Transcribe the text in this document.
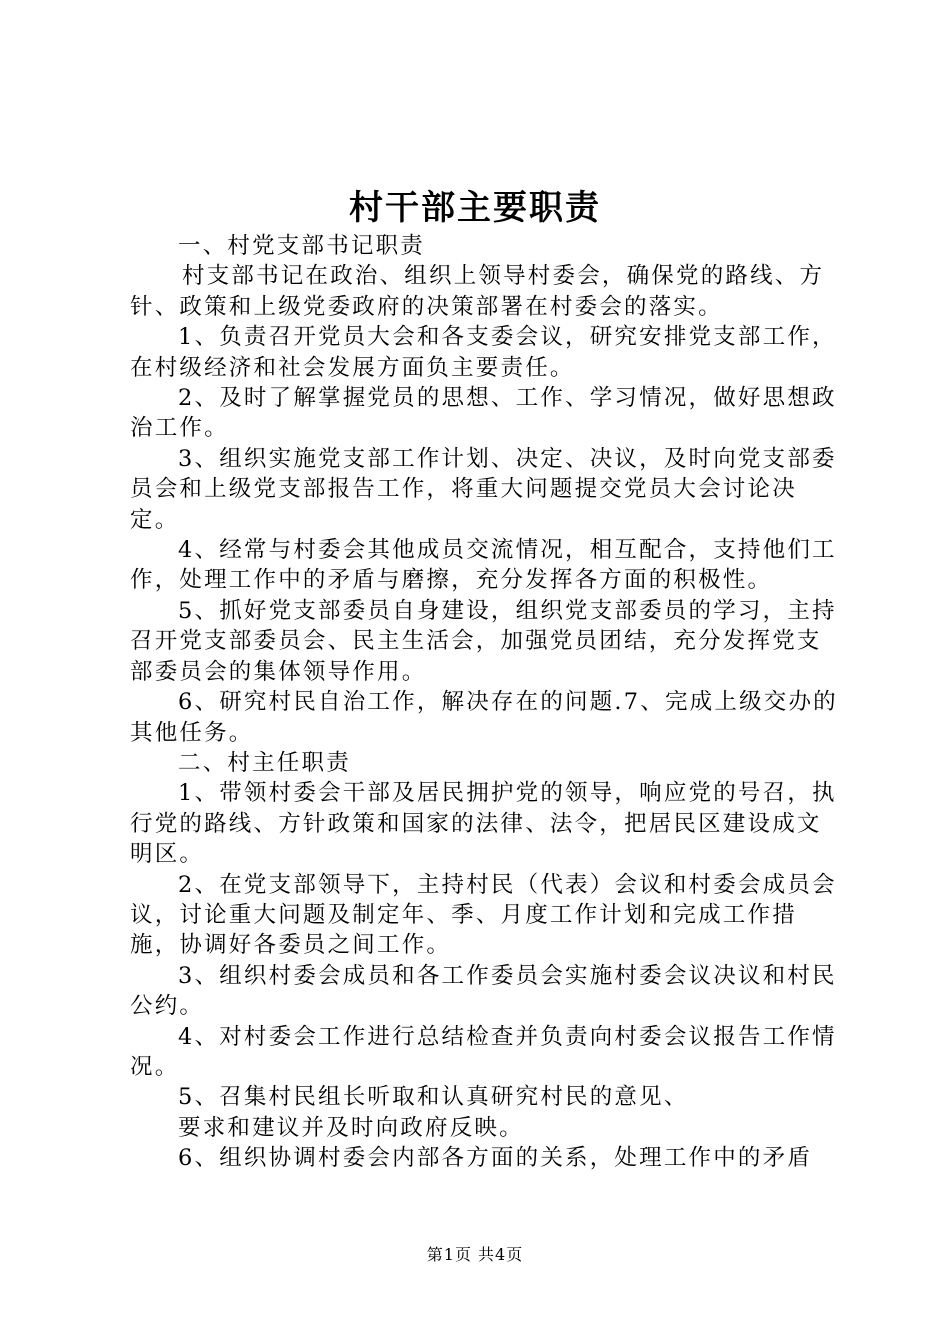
村干部主要职责

一、村党支部书记职责

村支部书记在政治、组织上领导村委会，确保党的路线、方针、政策和上级党委政府的决策部署在村委会的落实。

1、负责召开党员大会和各支委会议，研究安排党支部工作，在村级经济和社会发展方面负主要责任。

2、及时了解掌握党员的思想、工作、学习情况，做好思想政治工作。

3、组织实施党支部工作计划、决定、决议，及时向党支部委员会和上级党支部报告工作，将重大问题提交党员大会讨论决定。

4、经常与村委会其他成员交流情况，相互配合，支持他们工作，处理工作中的矛盾与磨擦，充分发挥各方面的积极性。

5、抓好党支部委员自身建设，组织党支部委员的学习，主持召开党支部委员会、民主生活会，加强党员团结，充分发挥党支部委员会的集体领导作用。

6、研究村民自治工作，解决存在的问题.7、完成上级交办的其他任务。

二、村主任职责

1、带领村委会干部及居民拥护党的领导，响应党的号召，执行党的路线、方针政策和国家的法律、法令，把居民区建设成文明区。

2、在党支部领导下，主持村民（代表）会议和村委会成员会议，讨论重大问题及制定年、季、月度工作计划和完成工作措施，协调好各委员之间工作。

3、组织村委会成员和各工作委员会实施村委会议决议和村民公约。

4、对村委会工作进行总结检查并负责向村委会议报告工作情况。

5、召集村民组长听取和认真研究村民的意见、

要求和建议并及时向政府反映。

6、组织协调村委会内部各方面的关系，处理工作中的矛盾

第1页 共4页
